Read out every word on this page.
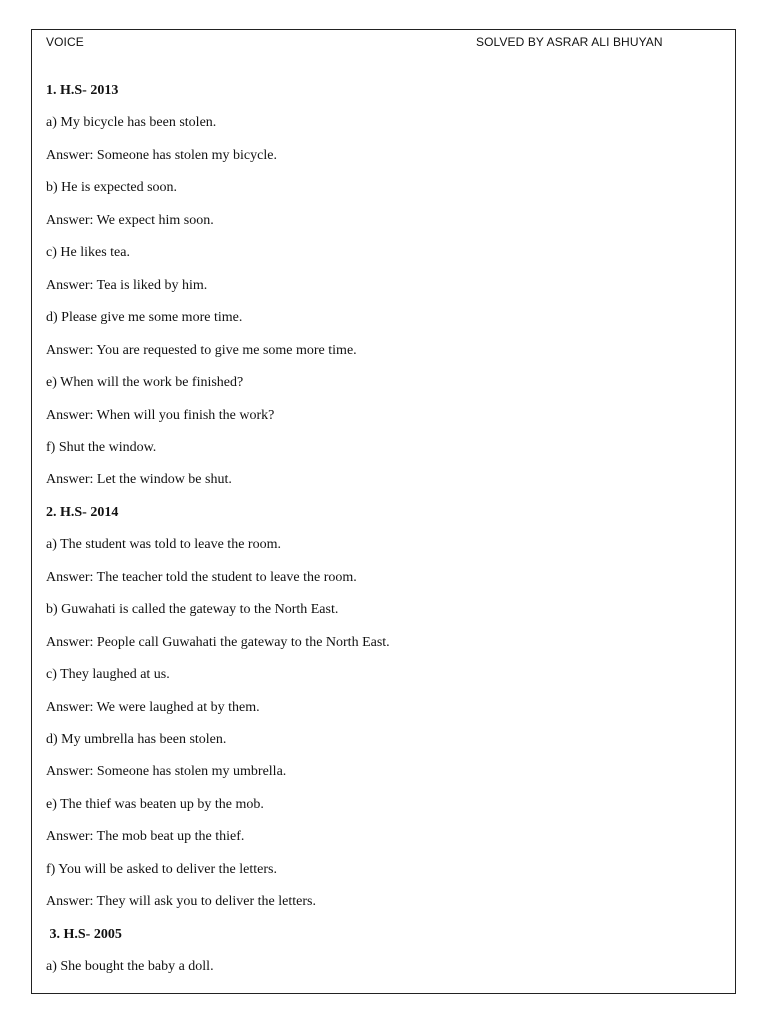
VOICE	SOLVED BY ASRAR ALI BHUYAN
1. H.S- 2013
a) My bicycle has been stolen.
Answer: Someone has stolen my bicycle.
b) He is expected soon.
Answer: We expect him soon.
c) He likes tea.
Answer: Tea is liked by him.
d) Please give me some more time.
Answer: You are requested to give me some more time.
e) When will the work be finished?
Answer: When will you finish the work?
f) Shut the window.
Answer: Let the window be shut.
2. H.S- 2014
a) The student was told to leave the room.
Answer: The teacher told the student to leave the room.
b) Guwahati is called the gateway to the North East.
Answer: People call Guwahati the gateway to the North East.
c) They laughed at us.
Answer: We were laughed at by them.
d) My umbrella has been stolen.
Answer: Someone has stolen my umbrella.
e) The thief was beaten up by the mob.
Answer: The mob beat up the thief.
f) You will be asked to deliver the letters.
Answer: They will ask you to deliver the letters.
3. H.S- 2005
a) She bought the baby a doll.
